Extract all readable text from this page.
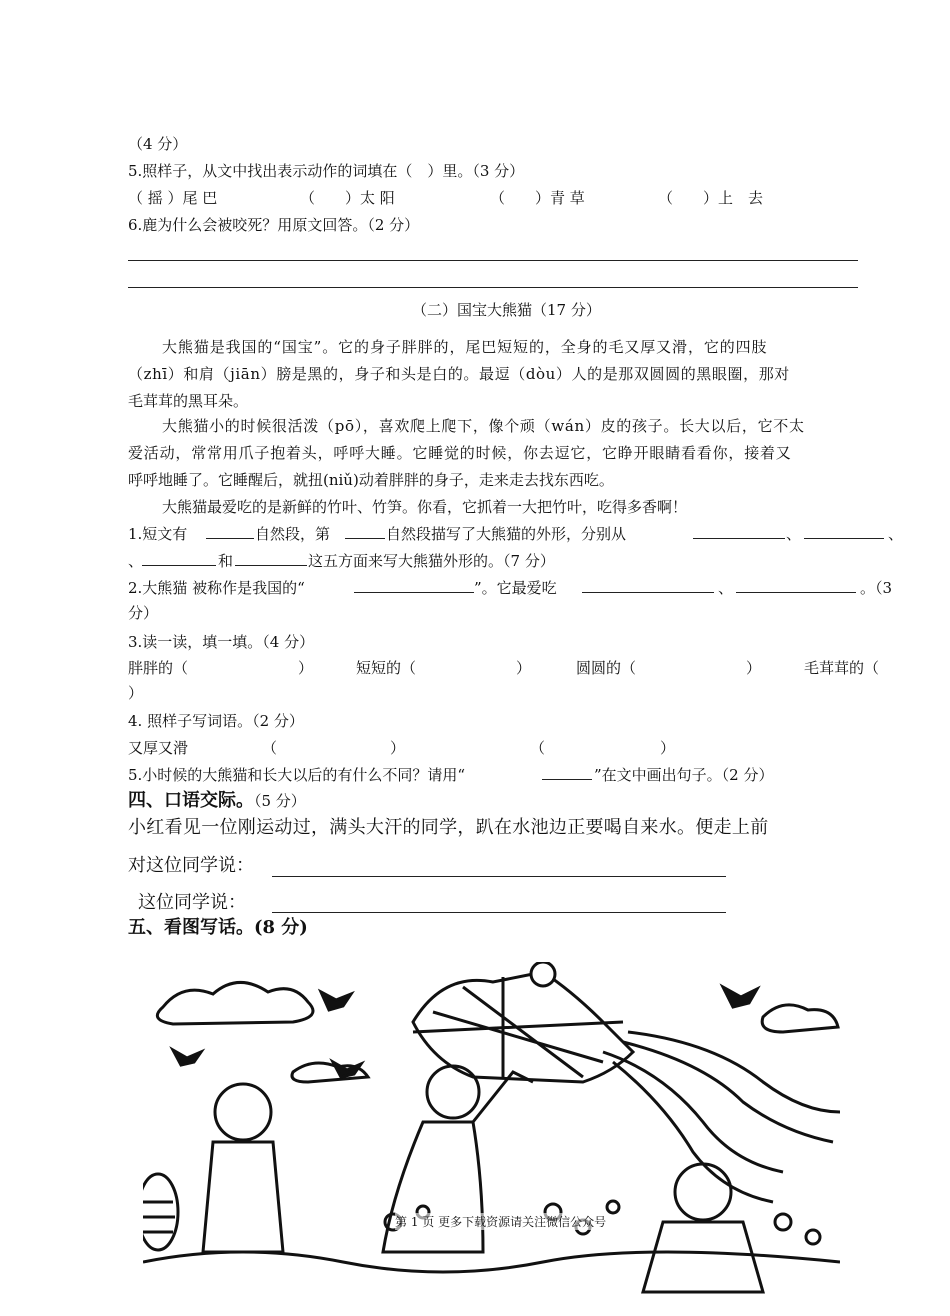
（4 分）
5.照样子，从文中找出表示动作的词填在（　）里。（3 分）
（ 摇 ）尾 巴	（　　）太 阳	（　　）青 草	（　　）上　去
6.鹿为什么会被咬死？用原文回答。（2 分）
（二）国宝大熊猫（17 分）
大熊猫是我国的“国宝”。它的身子胖胖的，尾巴短短的，全身的毛又厚又滑，它的四肢
（zhī）和肩（jiān）膀是黑的，身子和头是白的。最逗（dòu）人的是那双圆圆的黑眼圈，那对
毛茸茸的黑耳朵。
大熊猫小的时候很活泼（pō），喜欢爬上爬下，像个顽（wán）皮的孩子。长大以后，它不太
爱活动，常常用爪子抱着头，呼呼大睡。它睡觉的时候，你去逗它，它睁开眼睛看看你，接着又
呼呼地睡了。它睡醒后，就扭(niǔ)动着胖胖的身子，走来走去找东西吃。
大熊猫最爱吃的是新鲜的竹叶、竹笋。你看，它抓着一大把竹叶，吃得多香啊！
1.短文有	自然段，第	自然段描写了大熊猫的外形，分别从	、	、
、	和	这五方面来写大熊猫外形的。（7 分）
2.大熊猫 被称作是我国的“	”。它最爱吃	、	。（3
分）
3.读一读，填一填。（4 分）
胖胖的（	）	短短的（	）	圆圆的（	）	毛茸茸的（
）
4. 照样子写词语。（2 分）
又厚又滑	（	）	（	）
5.小时候的大熊猫和长大以后的有什么不同？请用“	”在文中画出句子。（2 分）
四、口语交际。（5 分）
小红看见一位刚运动过，满头大汗的同学，趴在水池边正要喝自来水。便走上前
对这位同学说：
这位同学说：
五、看图写话。(8 分)
第 1 页 更多下载资源请关注微信公众号
